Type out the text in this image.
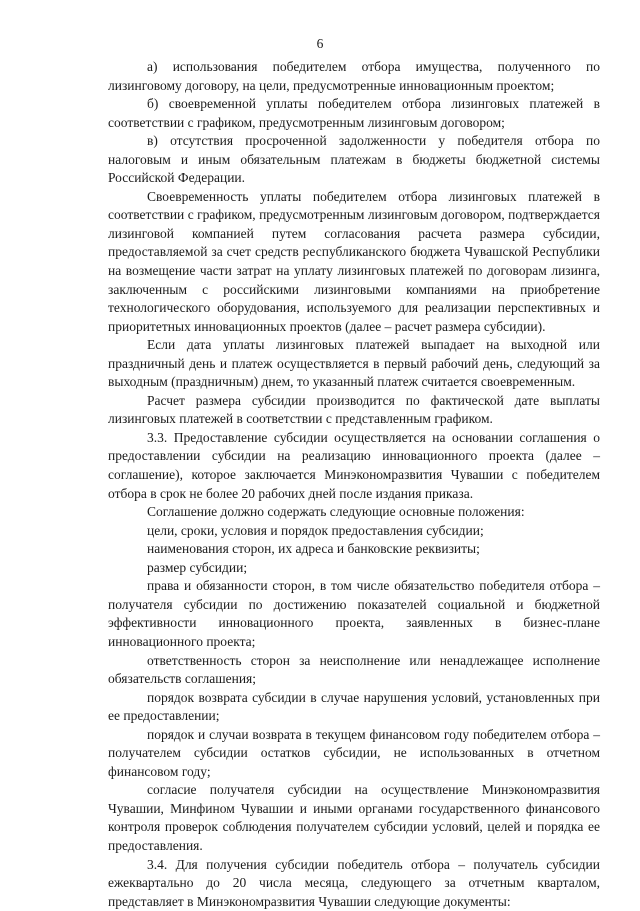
6

а) использования победителем отбора имущества, полученного по лизинговому договору, на цели, предусмотренные инновационным проектом;

б) своевременной уплаты победителем отбора лизинговых платежей в соответствии с графиком, предусмотренным лизинговым договором;

в) отсутствия просроченной задолженности у победителя отбора по налоговым и иным обязательным платежам в бюджеты бюджетной системы Российской Федерации.

Своевременность уплаты победителем отбора лизинговых платежей в соответствии с графиком, предусмотренным лизинговым договором, подтверждается лизинговой компанией путем согласования расчета размера субсидии, предоставляемой за счет средств республиканского бюджета Чувашской Республики на возмещение части затрат на уплату лизинговых платежей по договорам лизинга, заключенным с российскими лизинговыми компаниями на приобретение технологического оборудования, используемого для реализации перспективных и приоритетных инновационных проектов (далее – расчет размера субсидии).

Если дата уплаты лизинговых платежей выпадает на выходной или праздничный день и платеж осуществляется в первый рабочий день, следующий за выходным (праздничным) днем, то указанный платеж считается своевременным.

Расчет размера субсидии производится по фактической дате выплаты лизинговых платежей в соответствии с представленным графиком.

3.3. Предоставление субсидии осуществляется на основании соглашения о предоставлении субсидии на реализацию инновационного проекта (далее – соглашение), которое заключается Минэкономразвития Чувашии с победителем отбора в срок не более 20 рабочих дней после издания приказа.

Соглашение должно содержать следующие основные положения:

цели, сроки, условия и порядок предоставления субсидии;

наименования сторон, их адреса и банковские реквизиты;

размер субсидии;

права и обязанности сторон, в том числе обязательство победителя отбора – получателя субсидии по достижению показателей социальной и бюджетной эффективности инновационного проекта, заявленных в бизнес-плане инновационного проекта;

ответственность сторон за неисполнение или ненадлежащее исполнение обязательств соглашения;

порядок возврата субсидии в случае нарушения условий, установленных при ее предоставлении;

порядок и случаи возврата в текущем финансовом году победителем отбора – получателем субсидии остатков субсидии, не использованных в отчетном финансовом году;

согласие получателя субсидии на осуществление Минэкономразвития Чувашии, Минфином Чувашии и иными органами государственного финансового контроля проверок соблюдения получателем субсидии условий, целей и порядка ее предоставления.

3.4. Для получения субсидии победитель отбора – получатель субсидии ежеквартально до 20 числа месяца, следующего за отчетным кварталом, представляет в Минэкономразвития Чувашии следующие документы:
